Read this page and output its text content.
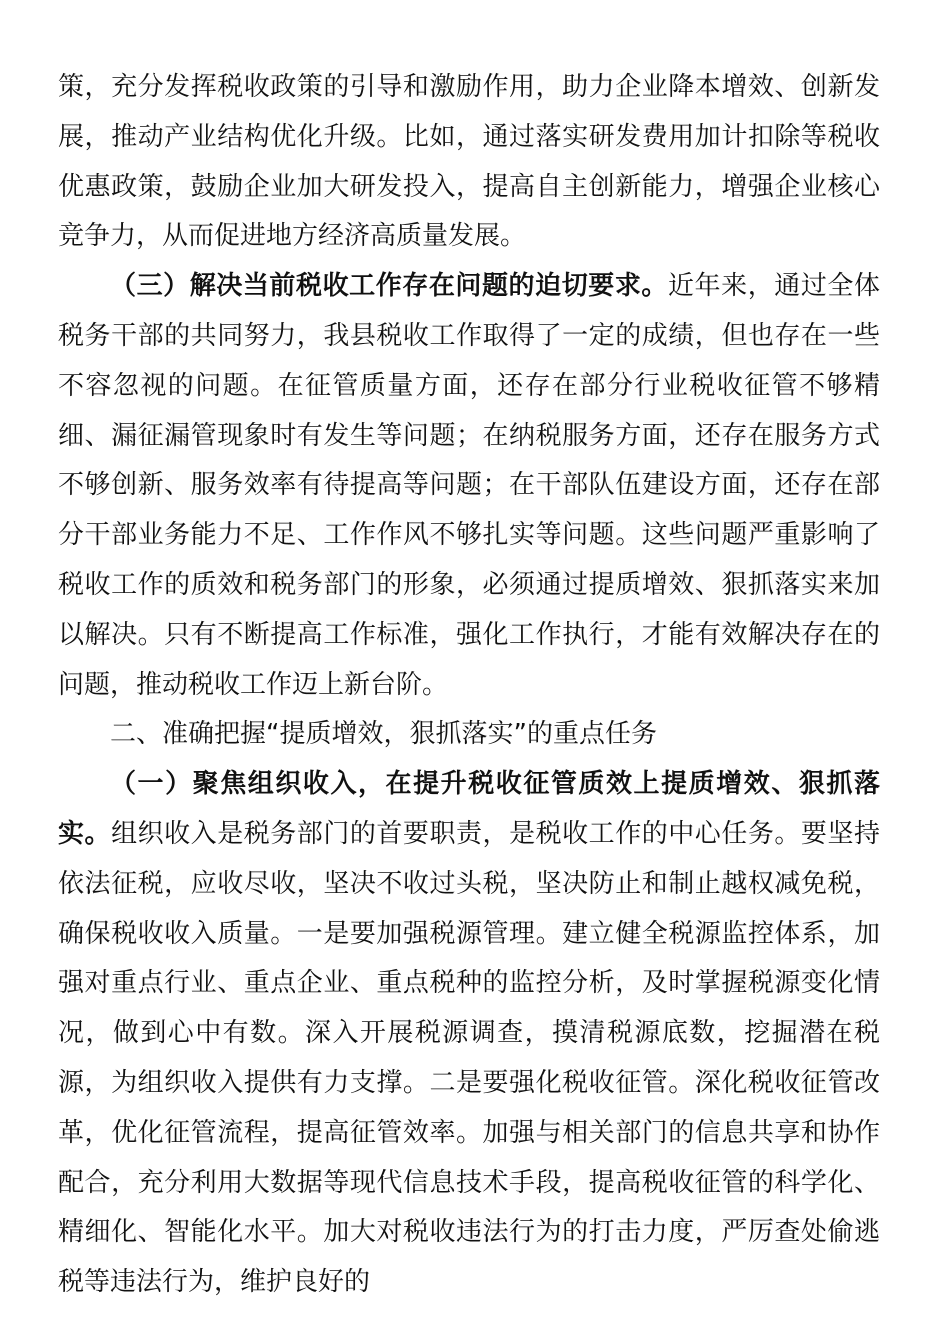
策，充分发挥税收政策的引导和激励作用，助力企业降本增效、创新发展，推动产业结构优化升级。比如，通过落实研发费用加计扣除等税收优惠政策，鼓励企业加大研发投入，提高自主创新能力，增强企业核心竞争力，从而促进地方经济高质量发展。

（三）解决当前税收工作存在问题的迫切要求。近年来，通过全体税务干部的共同努力，我县税收工作取得了一定的成绩，但也存在一些不容忽视的问题。在征管质量方面，还存在部分行业税收征管不够精细、漏征漏管现象时有发生等问题；在纳税服务方面，还存在服务方式不够创新、服务效率有待提高等问题；在干部队伍建设方面，还存在部分干部业务能力不足、工作作风不够扎实等问题。这些问题严重影响了税收工作的质效和税务部门的形象，必须通过提质增效、狠抓落实来加以解决。只有不断提高工作标准，强化工作执行，才能有效解决存在的问题，推动税收工作迈上新台阶。

二、准确把握“提质增效，狠抓落实”的重点任务

（一）聚焦组织收入，在提升税收征管质效上提质增效、狠抓落实。组织收入是税务部门的首要职责，是税收工作的中心任务。要坚持依法征税，应收尽收，坚决不收过头税，坚决防止和制止越权减免税，确保税收收入质量。一是要加强税源管理。建立健全税源监控体系，加强对重点行业、重点企业、重点税种的监控分析，及时掌握税源变化情况，做到心中有数。深入开展税源调查，摸清税源底数，挖掘潜在税源，为组织收入提供有力支撑。二是要强化税收征管。深化税收征管改革，优化征管流程，提高征管效率。加强与相关部门的信息共享和协作配合，充分利用大数据等现代信息技术手段，提高税收征管的科学化、精细化、智能化水平。加大对税收违法行为的打击力度，严厉查处偷逃税等违法行为，维护良好的
